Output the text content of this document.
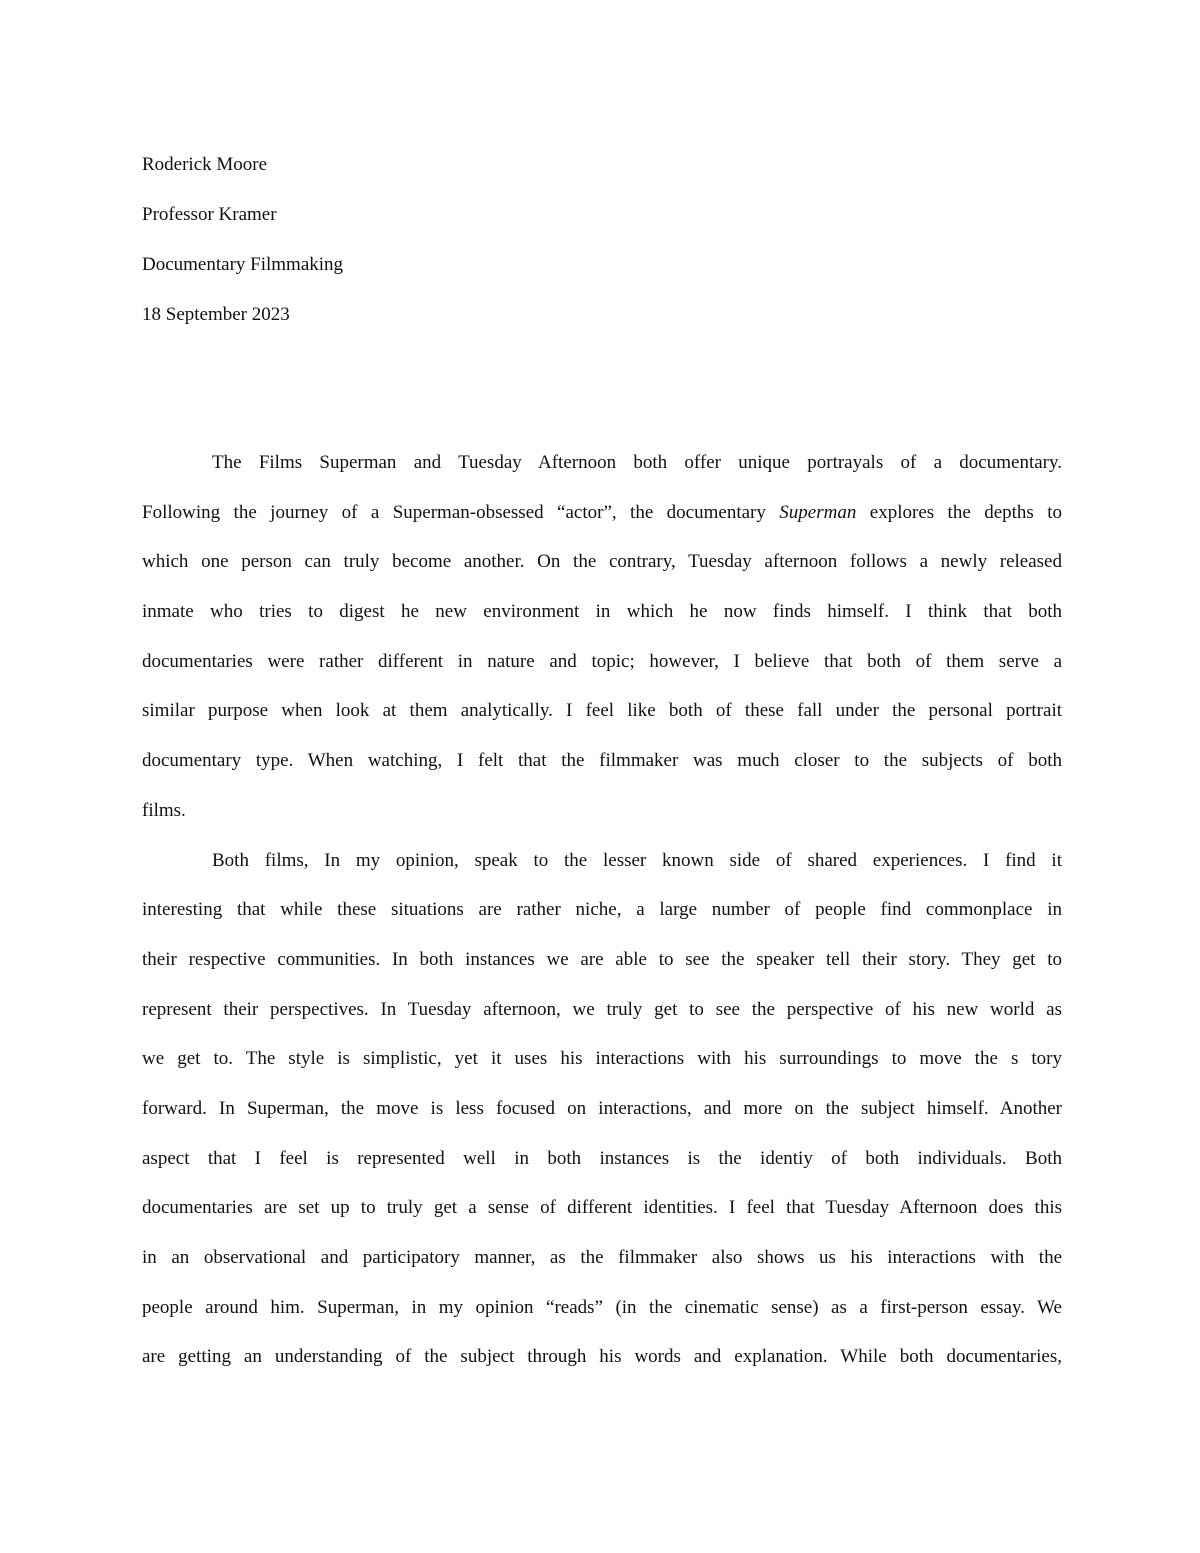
Roderick Moore
Professor Kramer
Documentary Filmmaking
18 September 2023
The Films Superman and Tuesday Afternoon both offer unique portrayals of a documentary.
Following the journey of a Superman-obsessed “actor”, the documentary Superman explores the depths to
which one person can truly become another. On the contrary, Tuesday afternoon follows a newly released
inmate who tries to digest he new environment in which he now finds himself. I think that both
documentaries were rather different in nature and topic; however, I believe that both of them serve a
similar purpose when look at them analytically. I feel like both of these fall under the personal portrait
documentary type. When watching, I felt that the filmmaker was much closer to the subjects of both
films.
Both films, In my opinion, speak to the lesser known side of shared experiences. I find it
interesting that while these situations are rather niche, a large number of people find commonplace in
their respective communities. In both instances we are able to see the speaker tell their story. They get to
represent their perspectives. In Tuesday afternoon, we truly get to see the perspective of his new world as
we get to. The style is simplistic, yet it uses his interactions with his surroundings to move the s tory
forward. In Superman, the move is less focused on interactions, and more on the subject himself. Another
aspect that I feel is represented well in both instances is the identiy of both individuals. Both
documentaries are set up to truly get a sense of different identities. I feel that Tuesday Afternoon does this
in an observational and participatory manner, as the filmmaker also shows us his interactions with the
people around him. Superman, in my opinion “reads” (in the cinematic sense) as a first-person essay. We
are getting an understanding of the subject through his words and explanation. While both documentaries,
